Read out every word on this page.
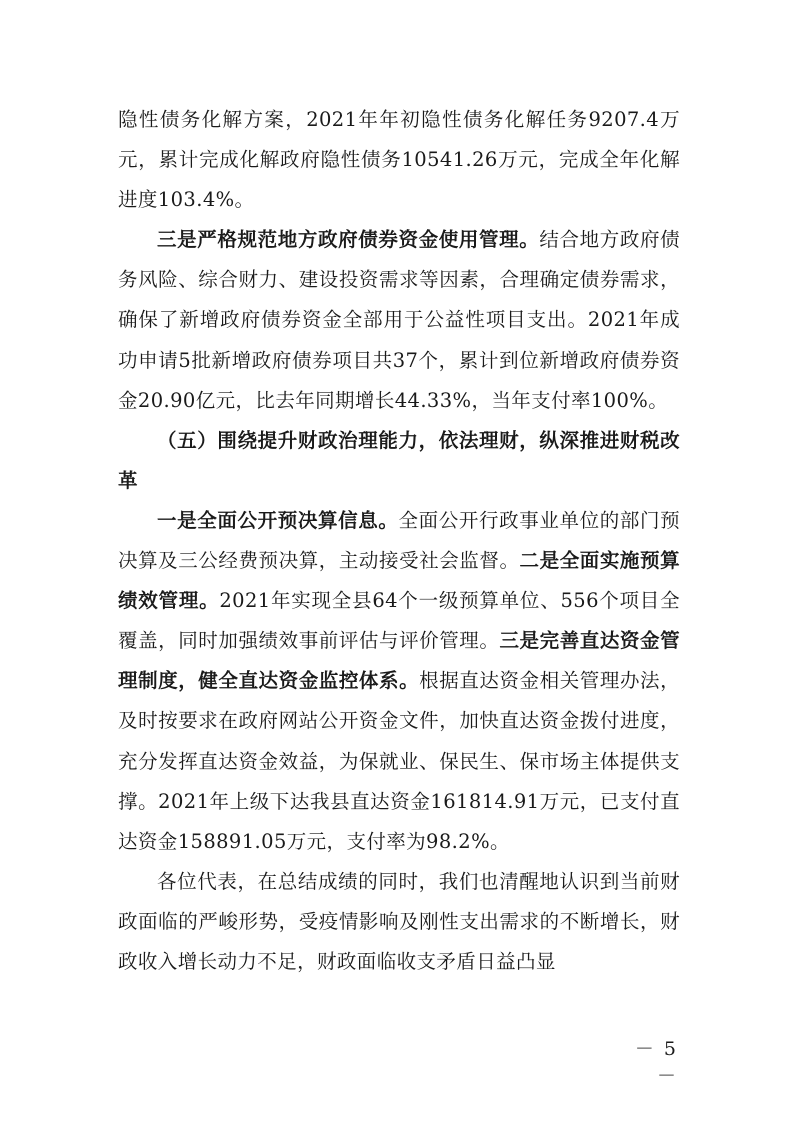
隐性债务化解方案，2021年年初隐性债务化解任务9207.4万元，累计完成化解政府隐性债务10541.26万元，完成全年化解进度103.4%。

三是严格规范地方政府债券资金使用管理。结合地方政府债务风险、综合财力、建设投资需求等因素，合理确定债券需求，确保了新增政府债券资金全部用于公益性项目支出。2021年成功申请5批新增政府债券项目共37个，累计到位新增政府债券资金20.90亿元，比去年同期增长44.33%，当年支付率100%。

（五）围绕提升财政治理能力，依法理财，纵深推进财税改革

一是全面公开预决算信息。全面公开行政事业单位的部门预决算及三公经费预决算，主动接受社会监督。二是全面实施预算绩效管理。2021年实现全县64个一级预算单位、556个项目全覆盖，同时加强绩效事前评估与评价管理。三是完善直达资金管理制度，健全直达资金监控体系。根据直达资金相关管理办法，及时按要求在政府网站公开资金文件，加快直达资金拨付进度，充分发挥直达资金效益，为保就业、保民生、保市场主体提供支撑。2021年上级下达我县直达资金161814.91万元，已支付直达资金158891.05万元，支付率为98.2%。

各位代表，在总结成绩的同时，我们也清醒地认识到当前财政面临的严峻形势，受疫情影响及刚性支出需求的不断增长，财政收入增长动力不足，财政面临收支矛盾日益凸显

－ 5 －
